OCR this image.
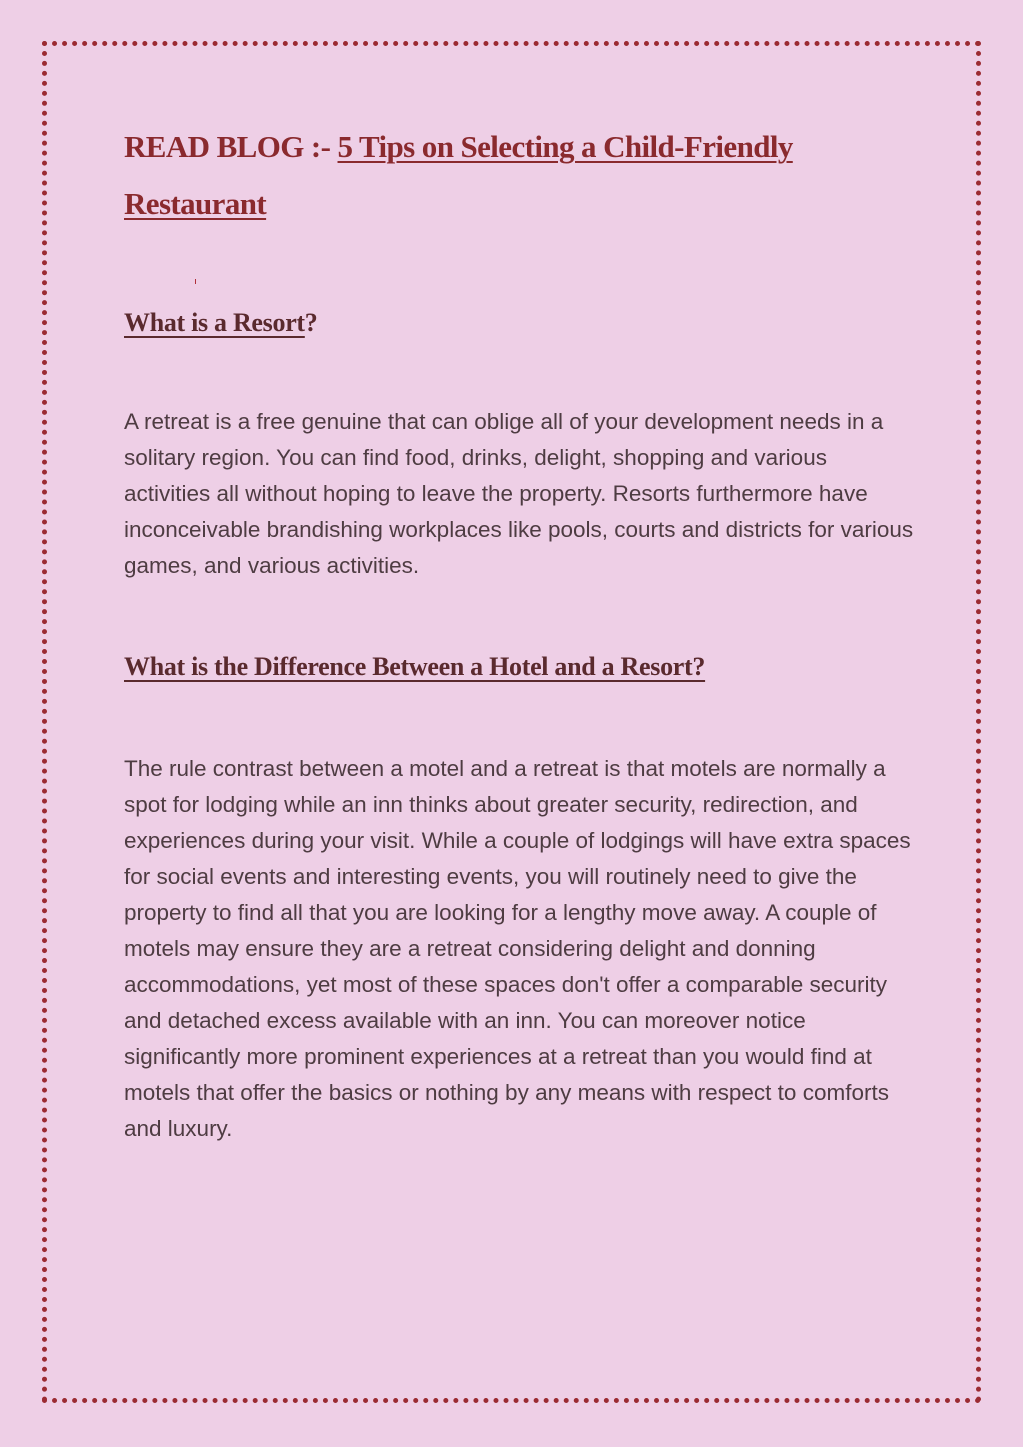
READ BLOG :- 5 Tips on Selecting a Child-Friendly
Restaurant

What is a Resort?

A retreat is a free genuine that can oblige all of your development needs in a solitary region. You can find food, drinks, delight, shopping and various activities all without hoping to leave the property. Resorts furthermore have inconceivable brandishing workplaces like pools, courts and districts for various games, and various activities.

What is the Difference Between a Hotel and a Resort?

The rule contrast between a motel and a retreat is that motels are normally a spot for lodging while an inn thinks about greater security, redirection, and experiences during your visit. While a couple of lodgings will have extra spaces for social events and interesting events, you will routinely need to give the property to find all that you are looking for a lengthy move away. A couple of motels may ensure they are a retreat considering delight and donning accommodations, yet most of these spaces don't offer a comparable security and detached excess available with an inn. You can moreover notice significantly more prominent experiences at a retreat than you would find at motels that offer the basics or nothing by any means with respect to comforts and luxury.
